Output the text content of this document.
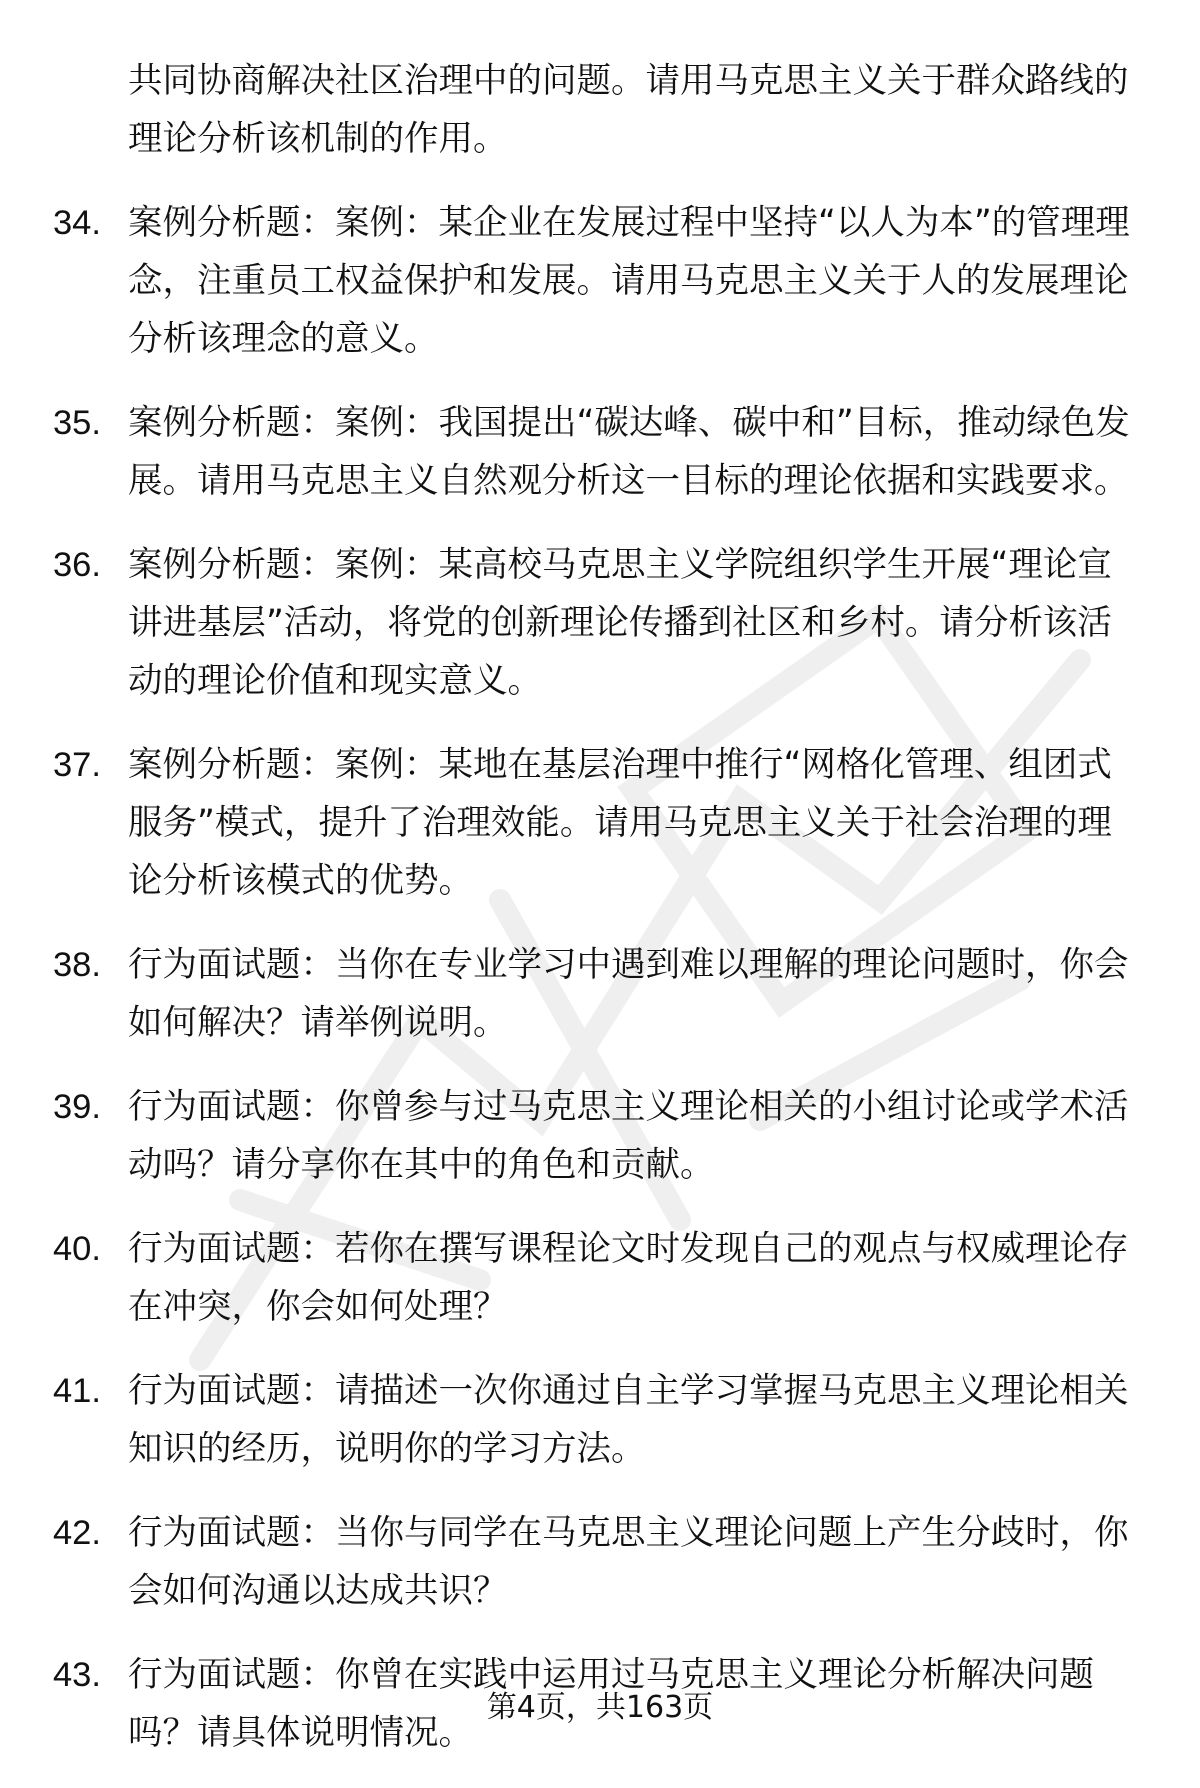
共同协商解决社区治理中的问题。请用马克思主义关于群众路线的理论分析该机制的作用。
34. 案例分析题：案例：某企业在发展过程中坚持“以人为本”的管理理念，注重员工权益保护和发展。请用马克思主义关于人的发展理论分析该理念的意义。
35. 案例分析题：案例：我国提出“碳达峰、碳中和”目标，推动绿色发展。请用马克思主义自然观分析这一目标的理论依据和实践要求。
36. 案例分析题：案例：某高校马克思主义学院组织学生开展“理论宣讲进基层”活动，将党的创新理论传播到社区和乡村。请分析该活动的理论价值和现实意义。
37. 案例分析题：案例：某地在基层治理中推行“网格化管理、组团式服务”模式，提升了治理效能。请用马克思主义关于社会治理的理论分析该模式的优势。
38. 行为面试题：当你在专业学习中遇到难以理解的理论问题时，你会如何解决？请举例说明。
39. 行为面试题：你曾参与过马克思主义理论相关的小组讨论或学术活动吗？请分享你在其中的角色和贡献。
40. 行为面试题：若你在撰写课程论文时发现自己的观点与权威理论存在冲突，你会如何处理？
41. 行为面试题：请描述一次你通过自主学习掌握马克思主义理论相关知识的经历，说明你的学习方法。
42. 行为面试题：当你与同学在马克思主义理论问题上产生分歧时，你会如何沟通以达成共识？
43. 行为面试题：你曾在实践中运用过马克思主义理论分析解决问题吗？请具体说明情况。
第4页，共163页
